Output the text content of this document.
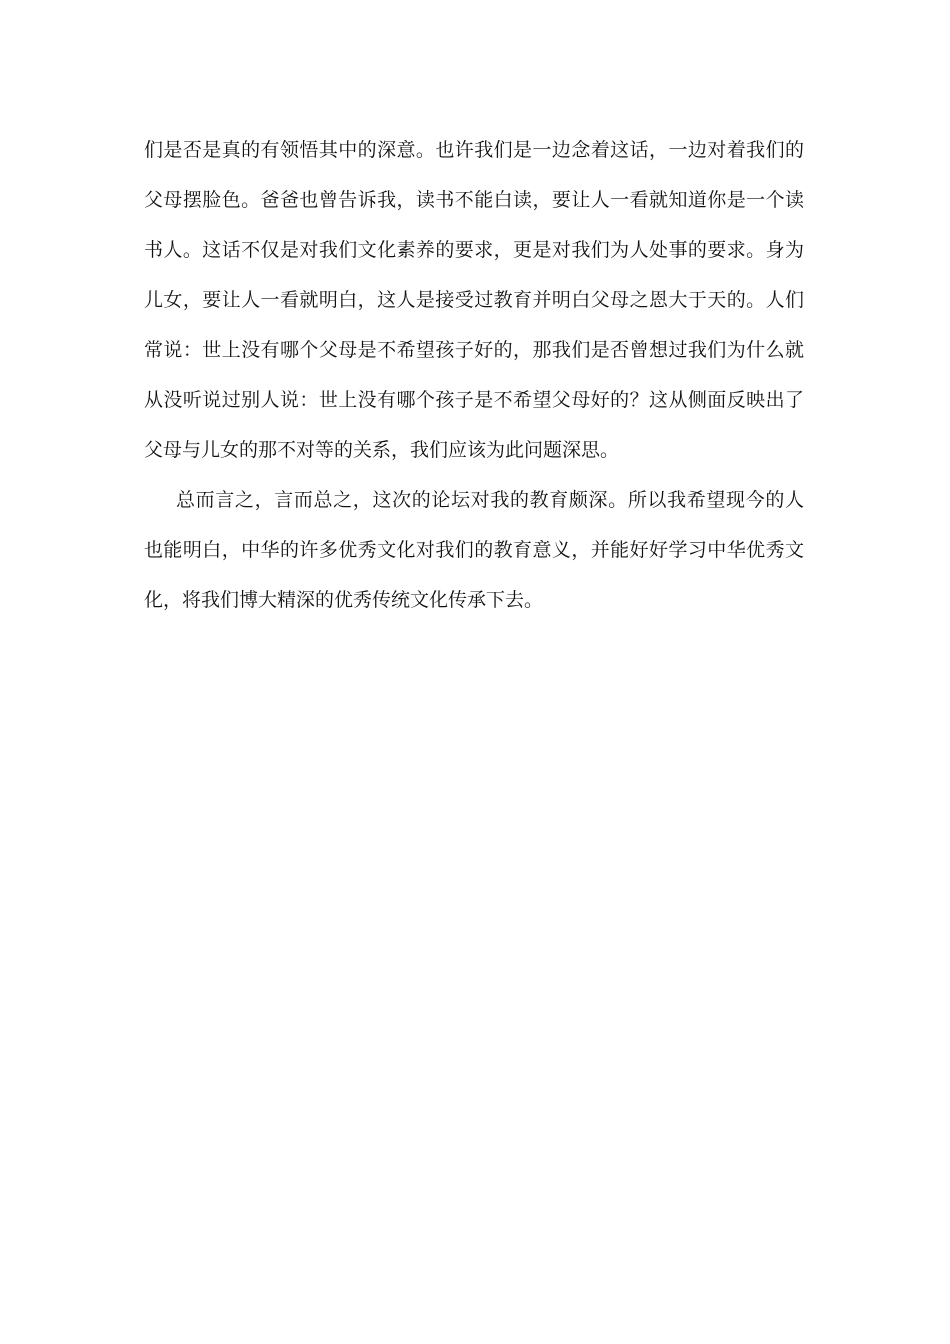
们是否是真的有领悟其中的深意。也许我们是一边念着这话，一边对着我们的
父母摆脸色。爸爸也曾告诉我，读书不能白读，要让人一看就知道你是一个读
书人。这话不仅是对我们文化素养的要求，更是对我们为人处事的要求。身为
儿女，要让人一看就明白，这人是接受过教育并明白父母之恩大于天的。人们
常说：世上没有哪个父母是不希望孩子好的，那我们是否曾想过我们为什么就
从没听说过别人说：世上没有哪个孩子是不希望父母好的？这从侧面反映出了
父母与儿女的那不对等的关系，我们应该为此问题深思。
总而言之，言而总之，这次的论坛对我的教育颇深。所以我希望现今的人
也能明白，中华的许多优秀文化对我们的教育意义，并能好好学习中华优秀文
化，将我们博大精深的优秀传统文化传承下去。
